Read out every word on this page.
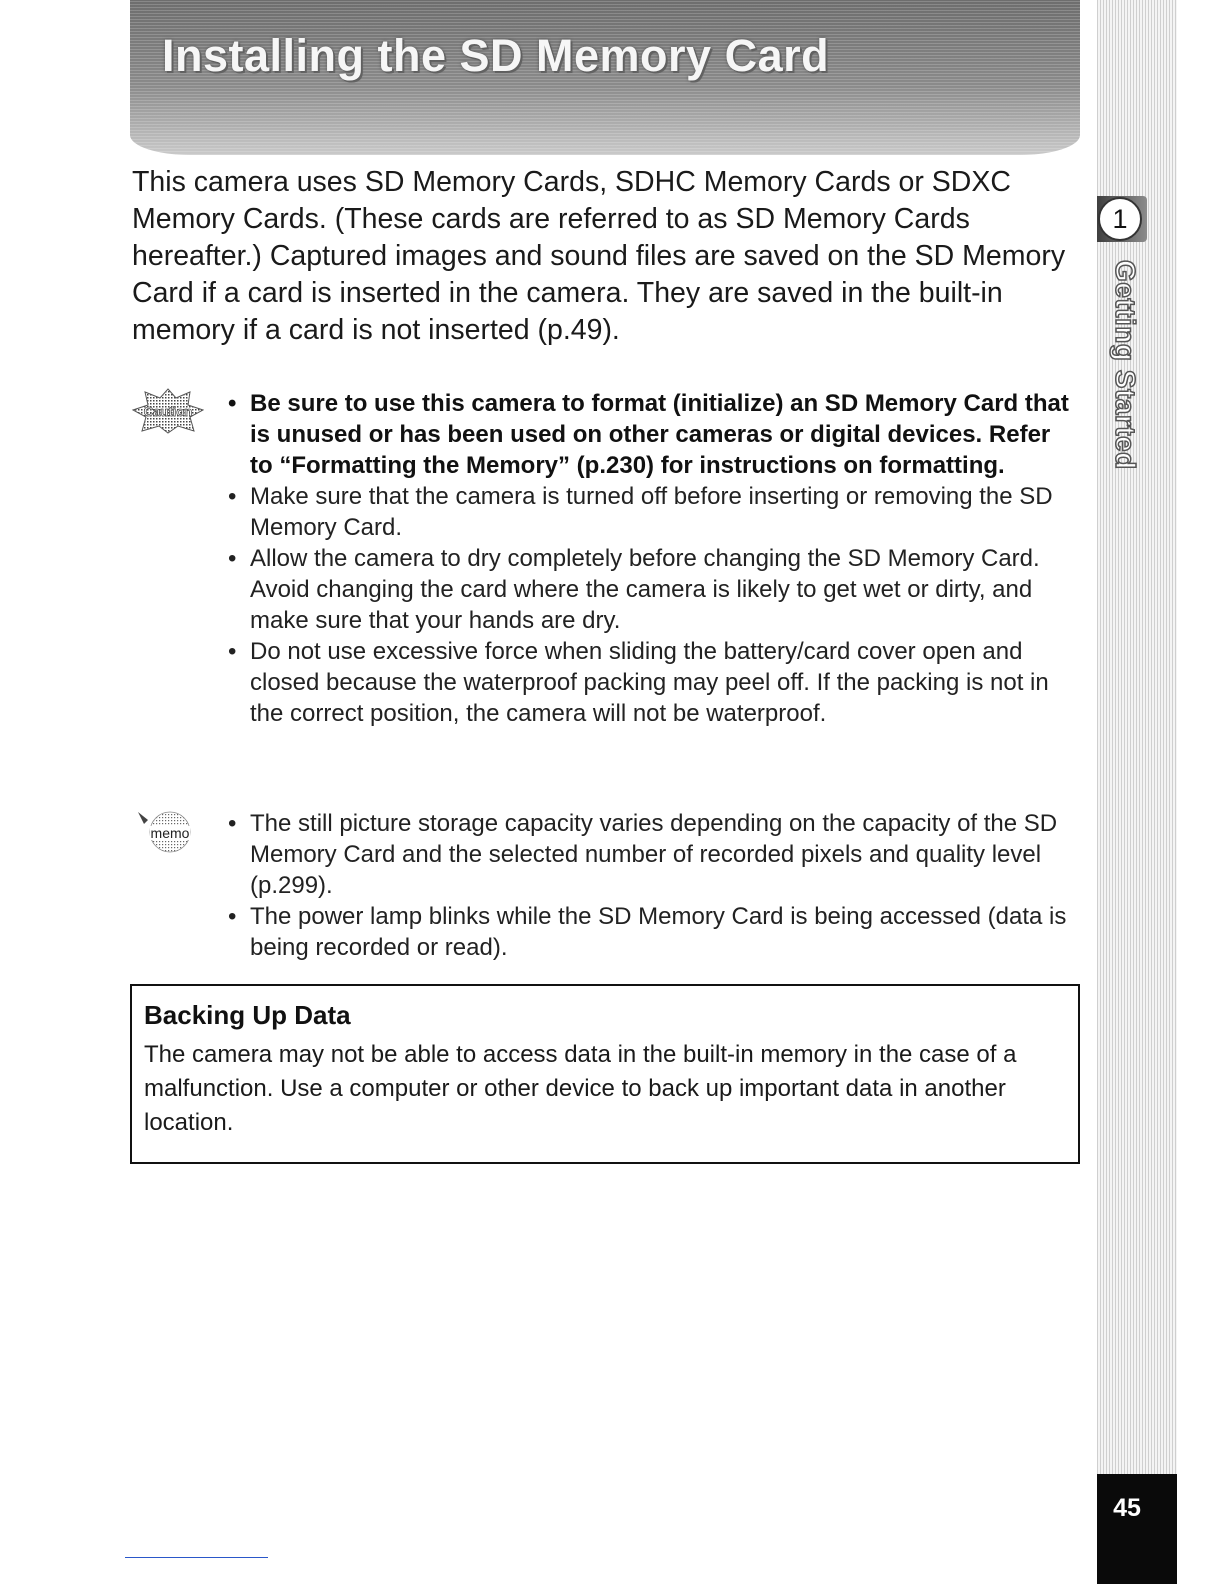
Installing the SD Memory Card
This camera uses SD Memory Cards, SDHC Memory Cards or SDXC Memory Cards. (These cards are referred to as SD Memory Cards hereafter.) Captured images and sound files are saved on the SD Memory Card if a card is inserted in the camera. They are saved in the built-in memory if a card is not inserted (p.49).
Caution	• Be sure to use this camera to format (initialize) an SD Memory Card that is unused or has been used on other cameras or digital devices. Refer to “Formatting the Memory” (p.230) for instructions on formatting.
• Make sure that the camera is turned off before inserting or removing the SD Memory Card.
• Allow the camera to dry completely before changing the SD Memory Card. Avoid changing the card where the camera is likely to get wet or dirty, and make sure that your hands are dry.
• Do not use excessive force when sliding the battery/card cover open and closed because the waterproof packing may peel off. If the packing is not in the correct position, the camera will not be waterproof.
memo	• The still picture storage capacity varies depending on the capacity of the SD Memory Card and the selected number of recorded pixels and quality level (p.299).
• The power lamp blinks while the SD Memory Card is being accessed (data is being recorded or read).
Backing Up Data
The camera may not be able to access data in the built-in memory in the case of a malfunction. Use a computer or other device to back up important data in another location.
1
Getting Started
45
